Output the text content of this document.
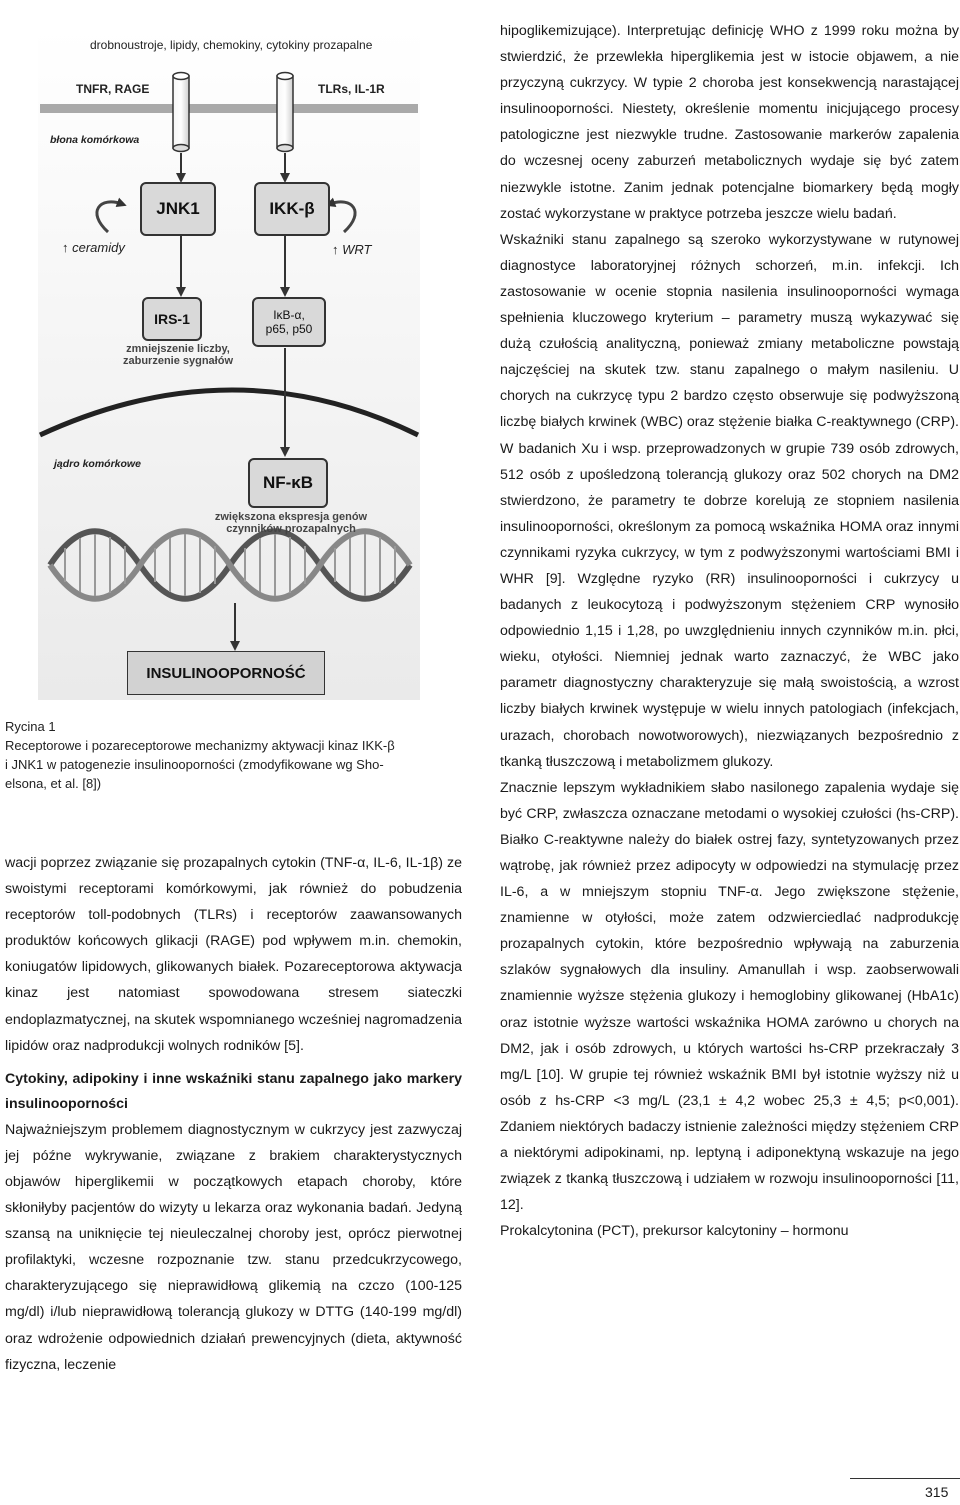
drobnoustroje, lipidy, chemokiny, cytokiny prozapalne
TNFR, RAGE	TLRs, IL-1R
błona komórkowa
JNK1	IKK-β
↑ ceramidy	↑ WRT
IRS-1	IκB-α,
p65, p50
zmniejszenie liczby,
zaburzenie sygnałów
jądro komórkowe
NF-κB
zwiększona ekspresja genów
czynników prozapalnych
INSULINOOPORNOŚĆ

Rycina 1

Receptorowe i pozareceptorowe mechanizmy aktywacji kinaz IKK-β

i JNK1 w patogenezie insulinooporności (zmodyfikowane wg Sho-

elsona, et al. [8])

wacji poprzez związanie się prozapalnych cytokin (TNF-α, IL-6, IL-1β) ze swoistymi receptorami komórkowymi, jak również do pobudzenia receptorów toll-podobnych (TLRs) i receptorów zaawansowanych produktów końcowych glikacji (RAGE) pod wpływem m.in. chemokin, koniugatów lipidowych, glikowanych białek. Pozareceptorowa aktywacja kinaz jest natomiast spowodowana stresem siateczki endoplazmatycznej, na skutek wspomnianego wcześniej nagromadzenia lipidów oraz nadprodukcji wolnych rodników [5].

Cytokiny, adipokiny i inne wskaźniki stanu zapalnego jako markery insulinooporności

Najważniejszym problemem diagnostycznym w cukrzycy jest zazwyczaj jej późne wykrywanie, związane z brakiem charakterystycznych objawów hiperglikemii w początkowych etapach choroby, które skłoniłyby pacjentów do wizyty u lekarza oraz wykonania badań. Jedyną szansą na uniknięcie tej nieuleczalnej choroby jest, oprócz pierwotnej profilaktyki, wczesne rozpoznanie tzw. stanu przedcukrzycowego, charakteryzującego się nieprawidłową glikemią na czczo (100-125 mg/dl) i/lub nieprawidłową tolerancją glukozy w DTTG (140-199 mg/dl) oraz wdrożenie odpowiednich działań prewencyjnych (dieta, aktywność fizyczna, leczenie

hipoglikemizujące). Interpretując definicję WHO z 1999 roku można by stwierdzić, że przewlekła hiperglikemia jest w istocie objawem, a nie przyczyną cukrzycy. W typie 2 choroba jest konsekwencją narastającej insulinooporności. Niestety, określenie momentu inicjującego procesy patologiczne jest niezwykle trudne. Zastosowanie markerów zapalenia do wczesnej oceny zaburzeń metabolicznych wydaje się być zatem niezwykle istotne. Zanim jednak potencjalne biomarkery będą mogły zostać wykorzystane w praktyce potrzeba jeszcze wielu badań.

Wskaźniki stanu zapalnego są szeroko wykorzystywane w rutynowej diagnostyce laboratoryjnej różnych schorzeń, m.in. infekcji. Ich zastosowanie w ocenie stopnia nasilenia insulinooporności wymaga spełnienia kluczowego kryterium – parametry muszą wykazywać się dużą czułością analityczną, ponieważ zmiany metaboliczne powstają najczęściej na skutek tzw. stanu zapalnego o małym nasileniu. U chorych na cukrzycę typu 2 bardzo często obserwuje się podwyższoną liczbę białych krwinek (WBC) oraz stężenie białka C-reaktywnego (CRP). W badanich Xu i wsp. przeprowadzonych w grupie 739 osób zdrowych, 512 osób z upośledzoną tolerancją glukozy oraz 502 chorych na DM2 stwierdzono, że parametry te dobrze korelują ze stopniem nasilenia insulinooporności, określonym za pomocą wskaźnika HOMA oraz innymi czynnikami ryzyka cukrzycy, w tym z podwyższonymi wartościami BMI i WHR [9]. Względne ryzyko (RR) insulinooporności i cukrzycy u badanych z leukocytozą i podwyższonym stężeniem CRP wynosiło odpowiednio 1,15 i 1,28, po uwzględnieniu innych czynników m.in. płci, wieku, otyłości. Niemniej jednak warto zaznaczyć, że WBC jako parametr diagnostyczny charakteryzuje się małą swoistością, a wzrost liczby białych krwinek występuje w wielu innych patologiach (infekcjach, urazach, chorobach nowotworowych), niezwiązanych bezpośrednio z tkanką tłuszczową i metabolizmem glukozy.

Znacznie lepszym wykładnikiem słabo nasilonego zapalenia wydaje się być CRP, zwłaszcza oznaczane metodami o wysokiej czułości (hs-CRP). Białko C-reaktywne należy do białek ostrej fazy, syntetyzowanych przez wątrobę, jak również przez adipocyty w odpowiedzi na stymulację przez IL-6, a w mniejszym stopniu TNF-α. Jego zwiększone stężenie, znamienne w otyłości, może zatem odzwierciedlać nadprodukcję prozapalnych cytokin, które bezpośrednio wpływają na zaburzenia szlaków sygnałowych dla insuliny. Amanullah i wsp. zaobserwowali znamiennie wyższe stężenia glukozy i hemoglobiny glikowanej (HbA1c) oraz istotnie wyższe wartości wskaźnika HOMA zarówno u chorych na DM2, jak i osób zdrowych, u których wartości hs-CRP przekraczały 3 mg/L [10]. W grupie tej również wskaźnik BMI był istotnie wyższy niż u osób z hs-CRP <3 mg/L (23,1 ± 4,2 wobec 25,3 ± 4,5; p<0,001). Zdaniem niektórych badaczy istnienie zależności między stężeniem CRP a niektórymi adipokinami, np. leptyną i adiponektyną wskazuje na jego związek z tkanką tłuszczową i udziałem w rozwoju insulinooporności [11, 12].

Prokalcytonina (PCT), prekursor kalcytoniny – hormonu

315
